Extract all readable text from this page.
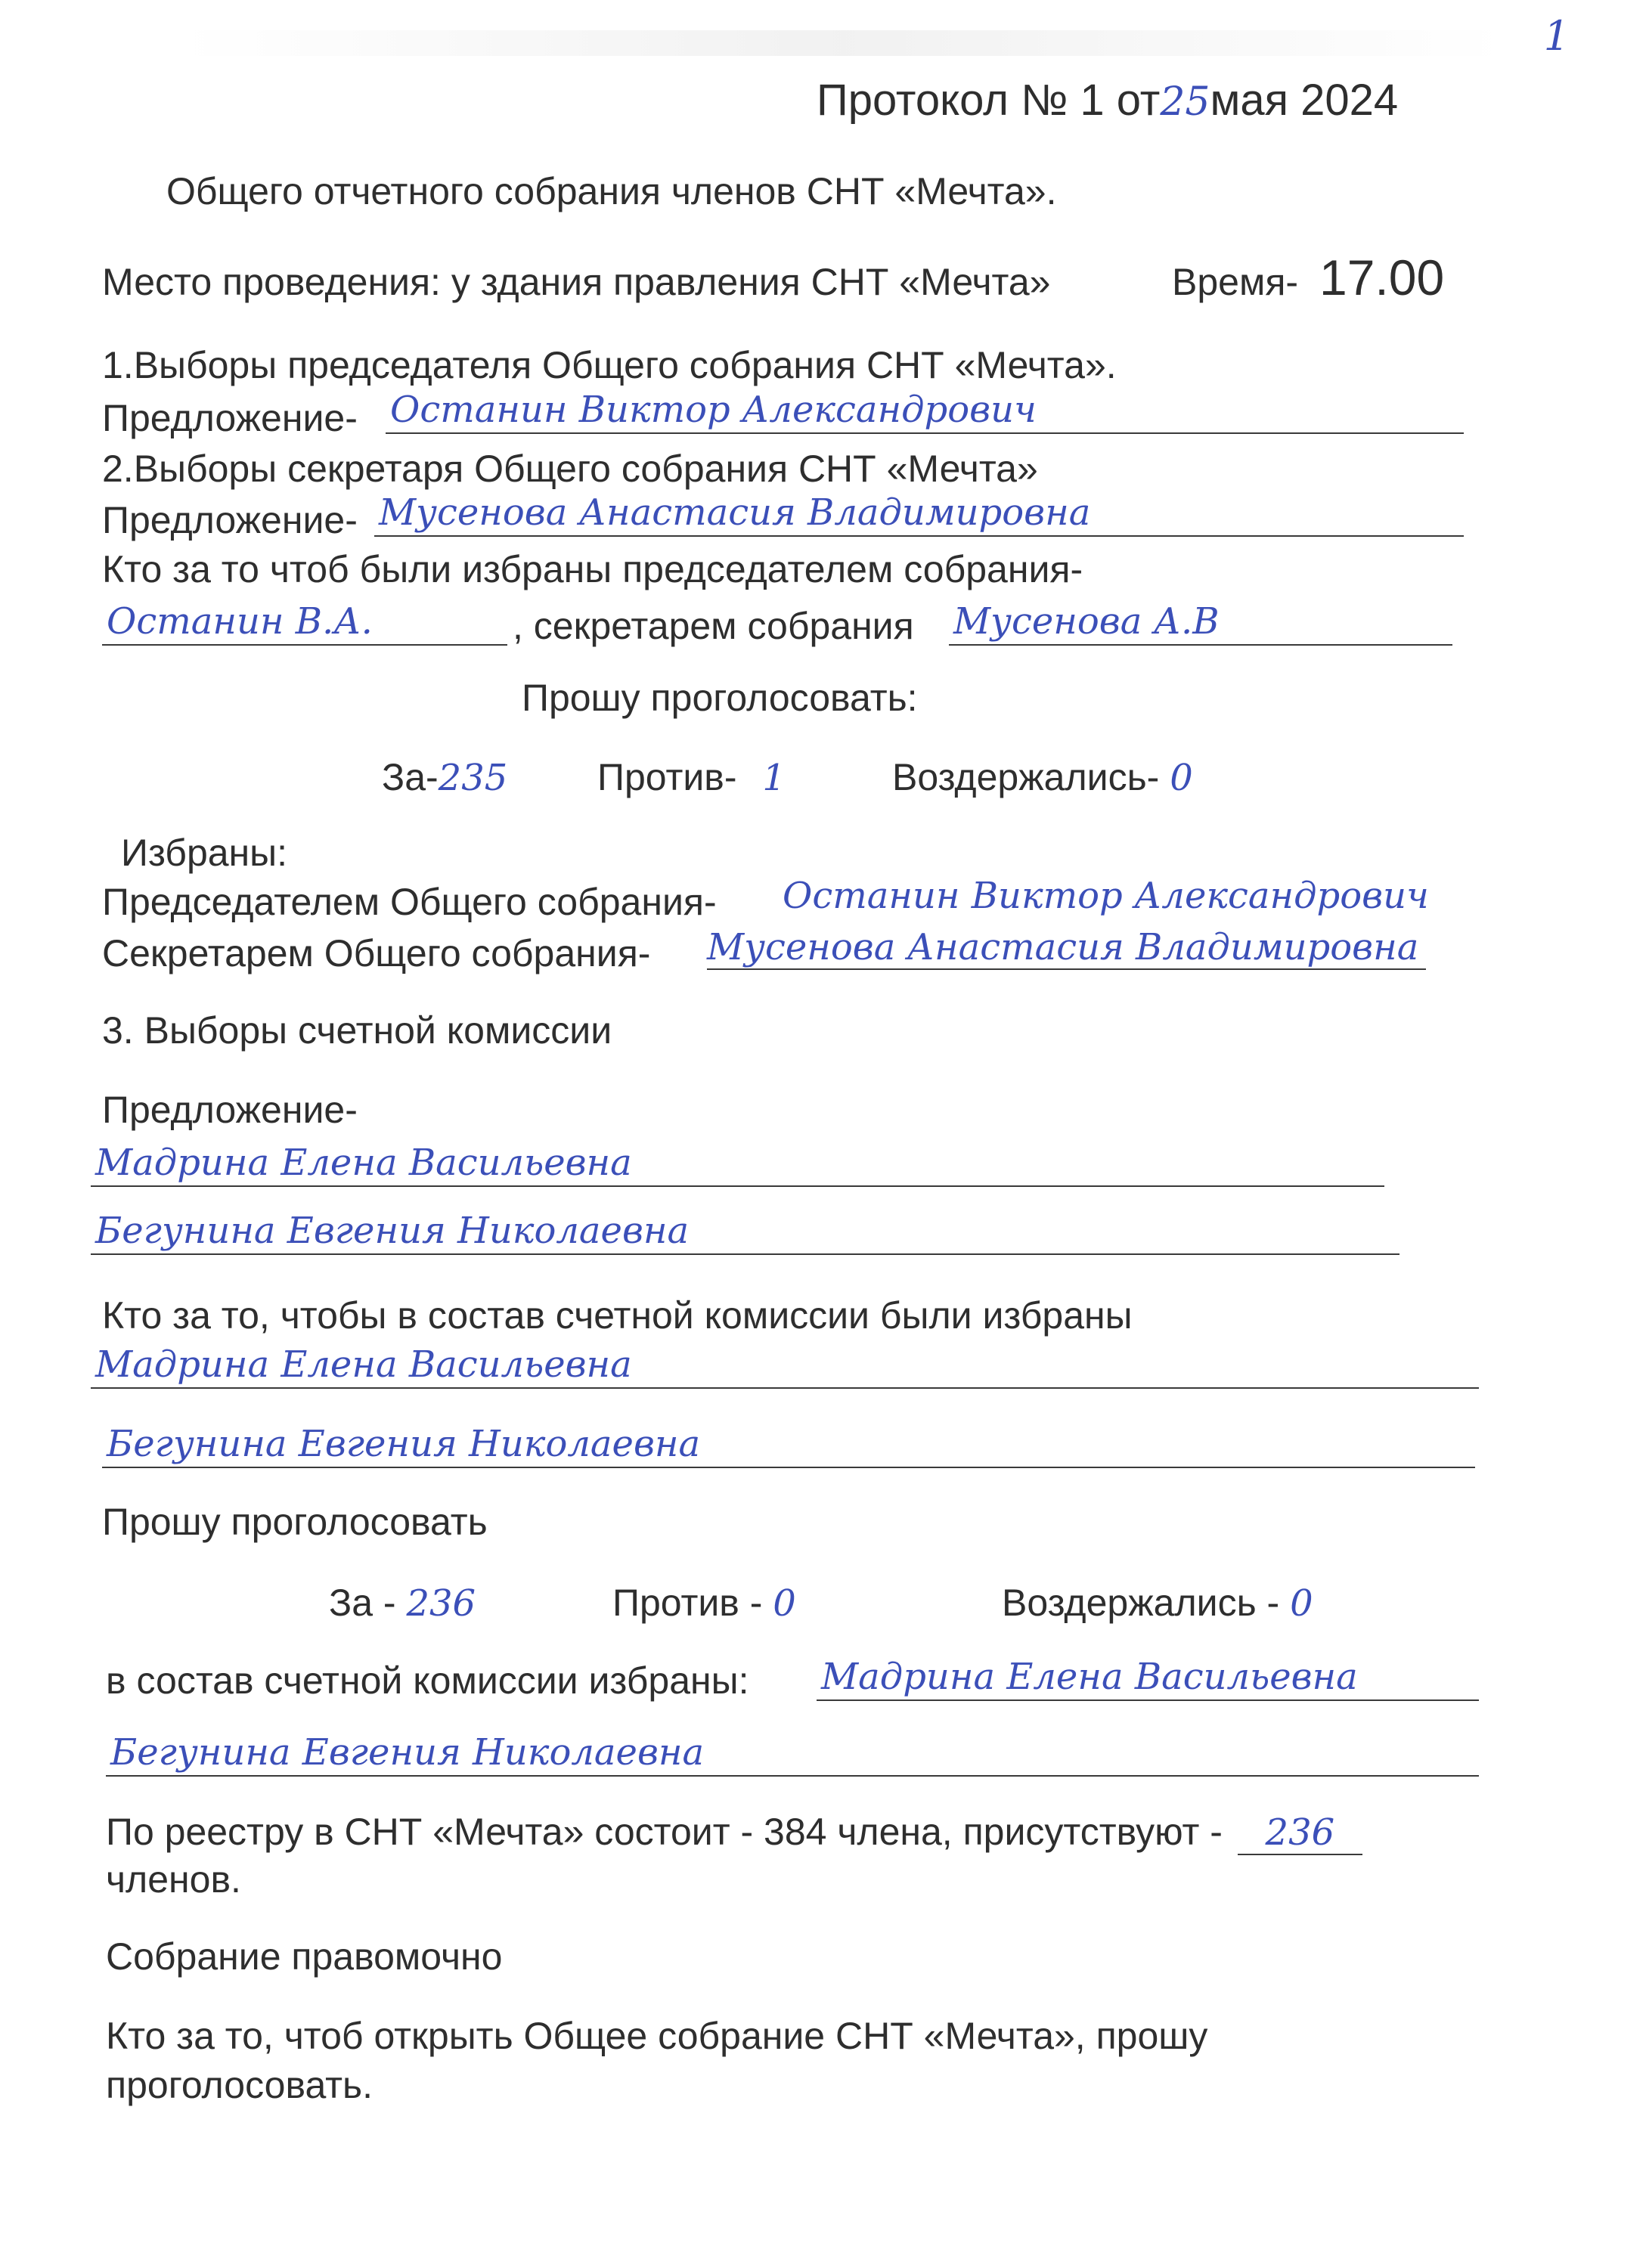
1
Протокол № 1 от25мая 2024
Общего отчетного собрания членов СНТ «Мечта».
Место проведения: у здания правления СНТ «Мечта»	Время- 17.00
1.Выборы председателя Общего собрания СНТ «Мечта».
Предложение- Останин Виктор Александрович
2.Выборы секретаря Общего собрания СНТ «Мечта»
Предложение- Мусенова Анастасия Владимировна
Кто за то чтоб были избраны председателем собрания-
Останин В.А.	, секретарем собрания Мусенова А.В
Прошу проголосовать:
За-235 Против- 1	Воздержались- 0
Избраны:
Председателем Общего собрания- Останин Виктор Александрович
Секретарем Общего собрания- Мусенова Анастасия Владимировна
3. Выборы счетной комиссии
Предложение-
Мадрина Елена Васильевна
Бегунина Евгения Николаевна
Кто за то, чтобы в состав счетной комиссии были избраны
Мадрина Елена Васильевна
Бегунина Евгения Николаевна
Прошу проголосовать
За - 236	Против - 0	Воздержались - 0
в состав счетной комиссии избраны: Мадрина Елена Васильевна
Бегунина Евгения Николаевна
По реестру в СНТ «Мечта» состоит - 384 члена, присутствуют - 236
членов.
Собрание правомочно
Кто за то, чтоб открыть Общее собрание СНТ «Мечта», прошу
проголосовать.
